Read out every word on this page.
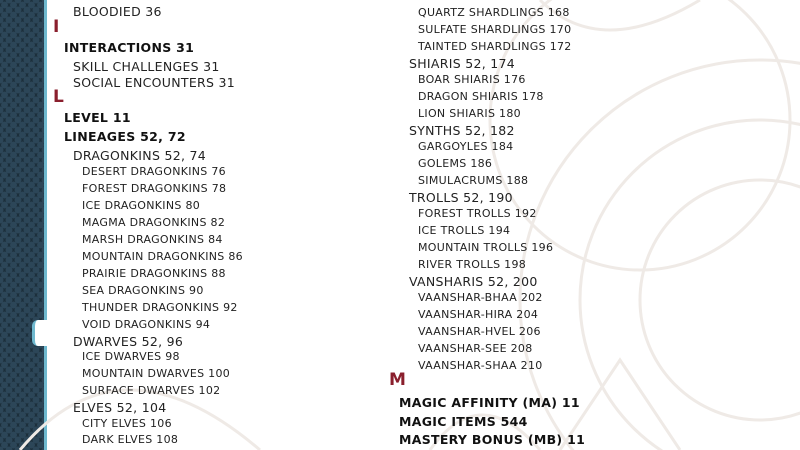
BLOODIED 36
I
INTERACTIONS 31
SKILL CHALLENGES 31
SOCIAL ENCOUNTERS 31
L
LEVEL 11
LINEAGES 52, 72
DRAGONKINS 52, 74
DESERT DRAGONKINS 76
FOREST DRAGONKINS 78
ICE DRAGONKINS 80
MAGMA DRAGONKINS 82
MARSH DRAGONKINS 84
MOUNTAIN DRAGONKINS 86
PRAIRIE DRAGONKINS 88
SEA DRAGONKINS 90
THUNDER DRAGONKINS 92
VOID DRAGONKINS 94
DWARVES 52, 96
ICE DWARVES 98
MOUNTAIN DWARVES 100
SURFACE DWARVES 102
ELVES 52, 104
CITY ELVES 106
DARK ELVES 108
QUARTZ SHARDLINGS 168
SULFATE SHARDLINGS 170
TAINTED SHARDLINGS 172
SHIARIS 52, 174
BOAR SHIARIS 176
DRAGON SHIARIS 178
LION SHIARIS 180
SYNTHS 52, 182
GARGOYLES 184
GOLEMS 186
SIMULACRUMS 188
TROLLS 52, 190
FOREST TROLLS 192
ICE TROLLS 194
MOUNTAIN TROLLS 196
RIVER TROLLS 198
VANSHARIS 52, 200
VAANSHAR-BHAA 202
VAANSHAR-HIRA 204
VAANSHAR-HVEL 206
VAANSHAR-SEE 208
VAANSHAR-SHAA 210
M
MAGIC AFFINITY (MA) 11
MAGIC ITEMS 544
MASTERY BONUS (MB) 11
